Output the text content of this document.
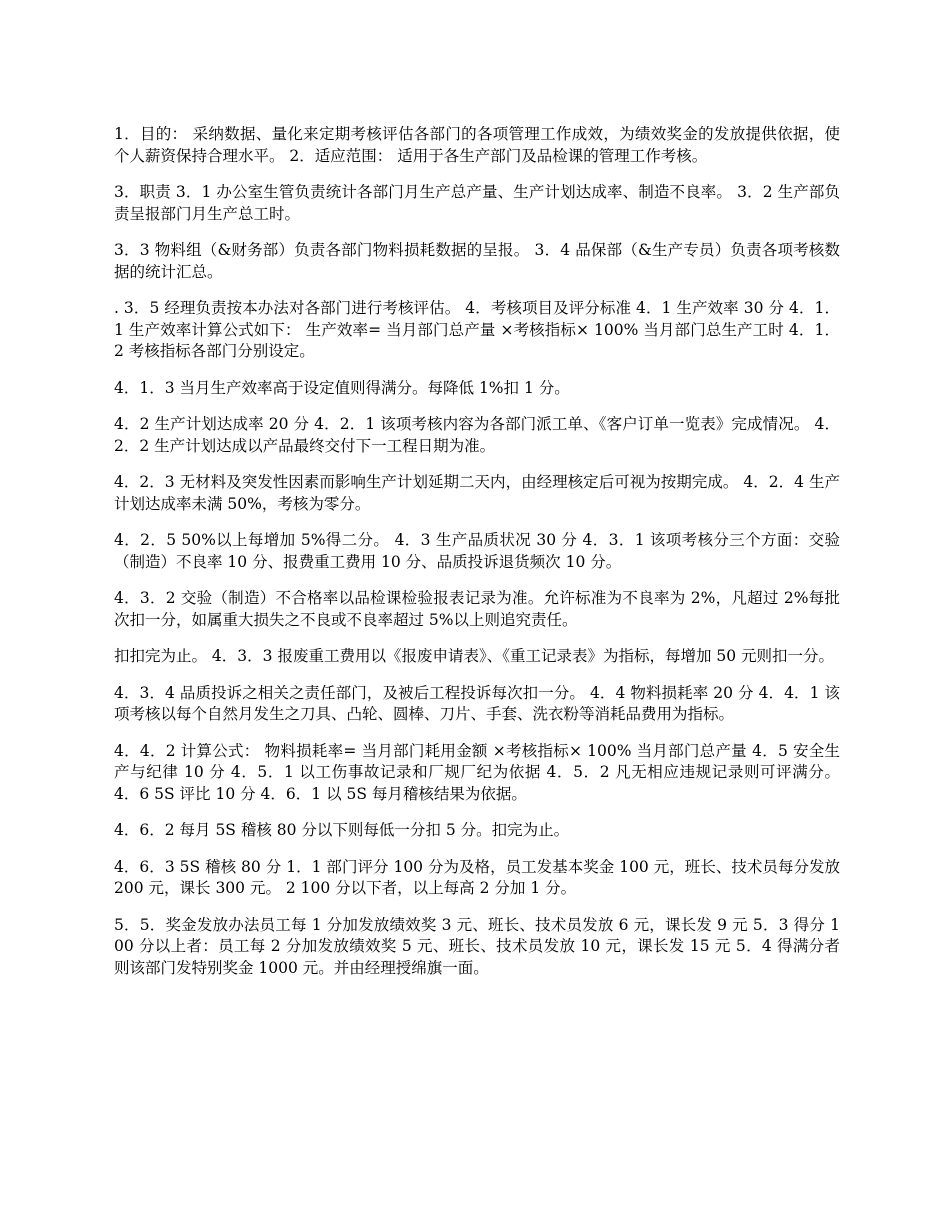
1．目的： 采纳数据、量化来定期考核评估各部门的各项管理工作成效，为绩效奖金的发放提供依据，使个人薪资保持合理水平。 2．适应范围： 适用于各生产部门及品检课的管理工作考核。

3．职责 3．1 办公室生管负责统计各部门月生产总产量、生产计划达成率、制造不良率。 3．2 生产部负责呈报部门月生产总工时。

3．3 物料组（&财务部）负责各部门物料损耗数据的呈报。 3．4 品保部（&生产专员）负责各项考核数据的统计汇总。

. 3．5 经理负责按本办法对各部门进行考核评估。 4．考核项目及评分标准 4．1 生产效率 30 分 4．1．1 生产效率计算公式如下： 生产效率= 当月部门总产量 ×考核指标× 100% 当月部门总生产工时 4．1．2 考核指标各部门分别设定。

4．1．3 当月生产效率高于设定值则得满分。每降低 1%扣 1 分。

4．2 生产计划达成率 20 分 4．2．1 该项考核内容为各部门派工单、《客户订单一览表》完成情况。 4．2．2 生产计划达成以产品最终交付下一工程日期为准。

4．2．3 无材料及突发性因素而影响生产计划延期二天内，由经理核定后可视为按期完成。 4．2．4 生产计划达成率未满 50%，考核为零分。

4．2．5 50%以上每增加 5%得二分。 4．3 生产品质状况 30 分 4．3．1 该项考核分三个方面：交验（制造）不良率 10 分、报费重工费用 10 分、品质投诉退货频次 10 分。

4．3．2 交验（制造）不合格率以品检课检验报表记录为准。允许标准为不良率为 2%，凡超过 2%每批次扣一分，如属重大损失之不良或不良率超过 5%以上则追究责任。

扣扣完为止。 4．3．3 报废重工费用以《报废申请表》、《重工记录表》为指标，每增加 50 元则扣一分。

4．3．4 品质投诉之相关之责任部门，及被后工程投诉每次扣一分。 4．4 物料损耗率 20 分 4．4．1 该项考核以每个自然月发生之刀具、凸轮、圆棒、刀片、手套、洗衣粉等消耗品费用为指标。

4．4．2 计算公式： 物料损耗率= 当月部门耗用金额 ×考核指标× 100% 当月部门总产量 4．5 安全生产与纪律 10 分 4．5．1 以工伤事故记录和厂规厂纪为依据 4．5．2 凡无相应违规记录则可评满分。 4．6 5S 评比 10 分 4．6．1 以 5S 每月稽核结果为依据。

4．6．2 每月 5S 稽核 80 分以下则每低一分扣 5 分。扣完为止。

4．6．3 5S 稽核 80 分 1．1 部门评分 100 分为及格，员工发基本奖金 100 元，班长、技术员每分发放 200 元，课长 300 元。 2 100 分以下者，以上每高 2 分加 1 分。

5．5．奖金发放办法员工每 1 分加发放绩效奖 3 元、班长、技术员发放 6 元，课长发 9 元 5．3 得分 100 分以上者：员工每 2 分加发放绩效奖 5 元、班长、技术员发放 10 元，课长发 15 元 5．4 得满分者则该部门发特别奖金 1000 元。并由经理授绵旗一面。
